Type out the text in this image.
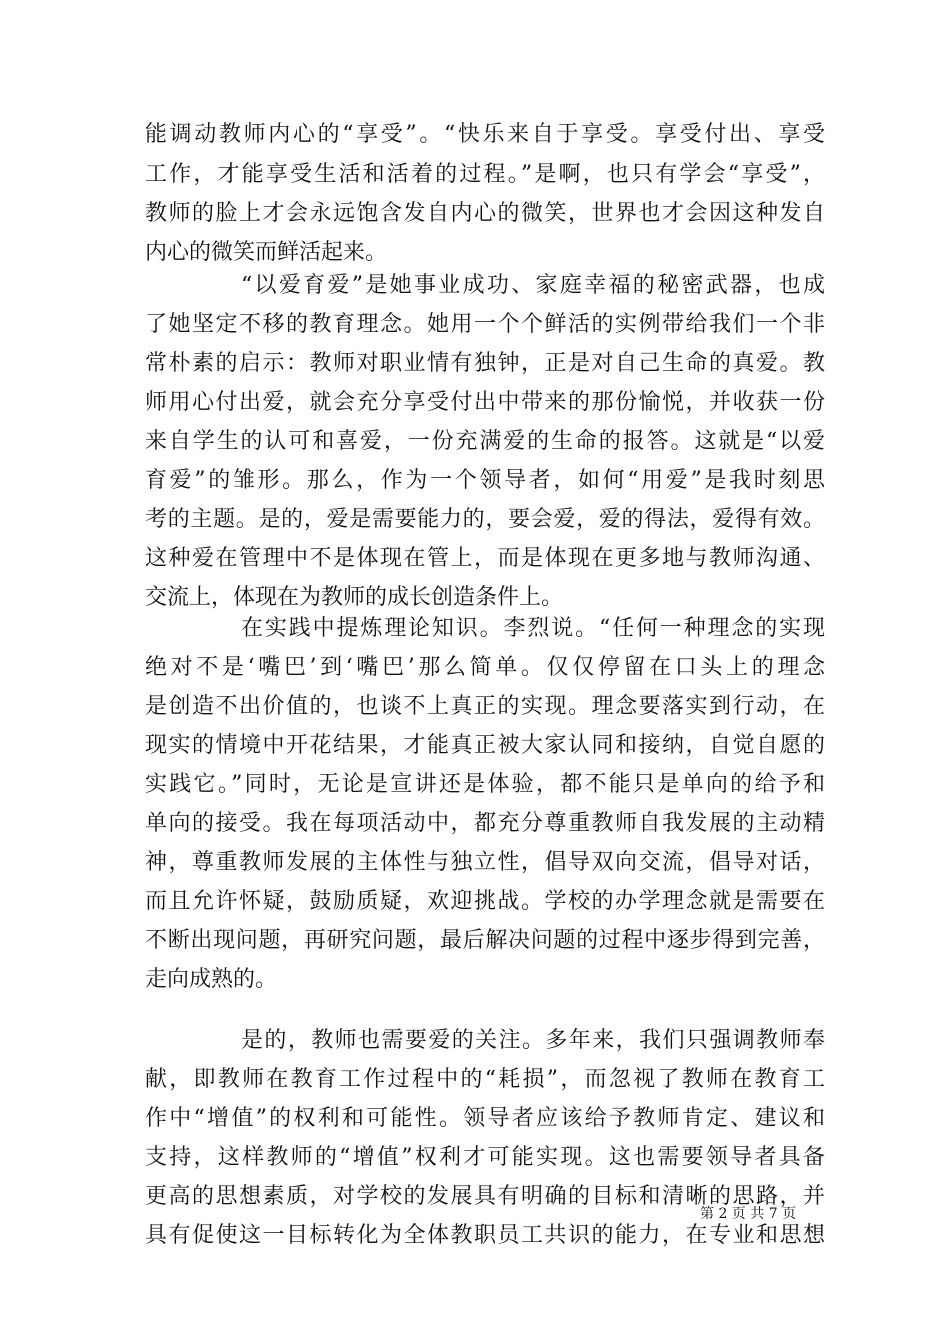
能调动教师内心的“享受”。“快乐来自于享受。享受付出、享受
工作，才能享受生活和活着的过程。”是啊，也只有学会“享受”，
教师的脸上才会永远饱含发自内心的微笑，世界也才会因这种发自
内心的微笑而鲜活起来。
“以爱育爱”是她事业成功、家庭幸福的秘密武器，也成
了她坚定不移的教育理念。她用一个个鲜活的实例带给我们一个非
常朴素的启示：教师对职业情有独钟，正是对自己生命的真爱。教
师用心付出爱，就会充分享受付出中带来的那份愉悦，并收获一份
来自学生的认可和喜爱，一份充满爱的生命的报答。这就是“以爱
育爱”的雏形。那么，作为一个领导者，如何“用爱”是我时刻思
考的主题。是的，爱是需要能力的，要会爱，爱的得法，爱得有效。
这种爱在管理中不是体现在管上，而是体现在更多地与教师沟通、
交流上，体现在为教师的成长创造条件上。
在实践中提炼理论知识。李烈说。“任何一种理念的实现
绝对不是‘嘴巴’到‘嘴巴’那么简单。仅仅停留在口头上的理念
是创造不出价值的，也谈不上真正的实现。理念要落实到行动，在
现实的情境中开花结果，才能真正被大家认同和接纳，自觉自愿的
实践它。”同时，无论是宣讲还是体验，都不能只是单向的给予和
单向的接受。我在每项活动中，都充分尊重教师自我发展的主动精
神，尊重教师发展的主体性与独立性，倡导双向交流，倡导对话，
而且允许怀疑，鼓励质疑，欢迎挑战。学校的办学理念就是需要在
不断出现问题，再研究问题，最后解决问题的过程中逐步得到完善，
走向成熟的。
是的，教师也需要爱的关注。多年来，我们只强调教师奉
献，即教师在教育工作过程中的“耗损”，而忽视了教师在教育工
作中“增值”的权利和可能性。领导者应该给予教师肯定、建议和
支持，这样教师的“增值”权利才可能实现。这也需要领导者具备
更高的思想素质，对学校的发展具有明确的目标和清晰的思路，并
具有促使这一目标转化为全体教职员工共识的能力，在专业和思想
第 2 页 共 7 页
